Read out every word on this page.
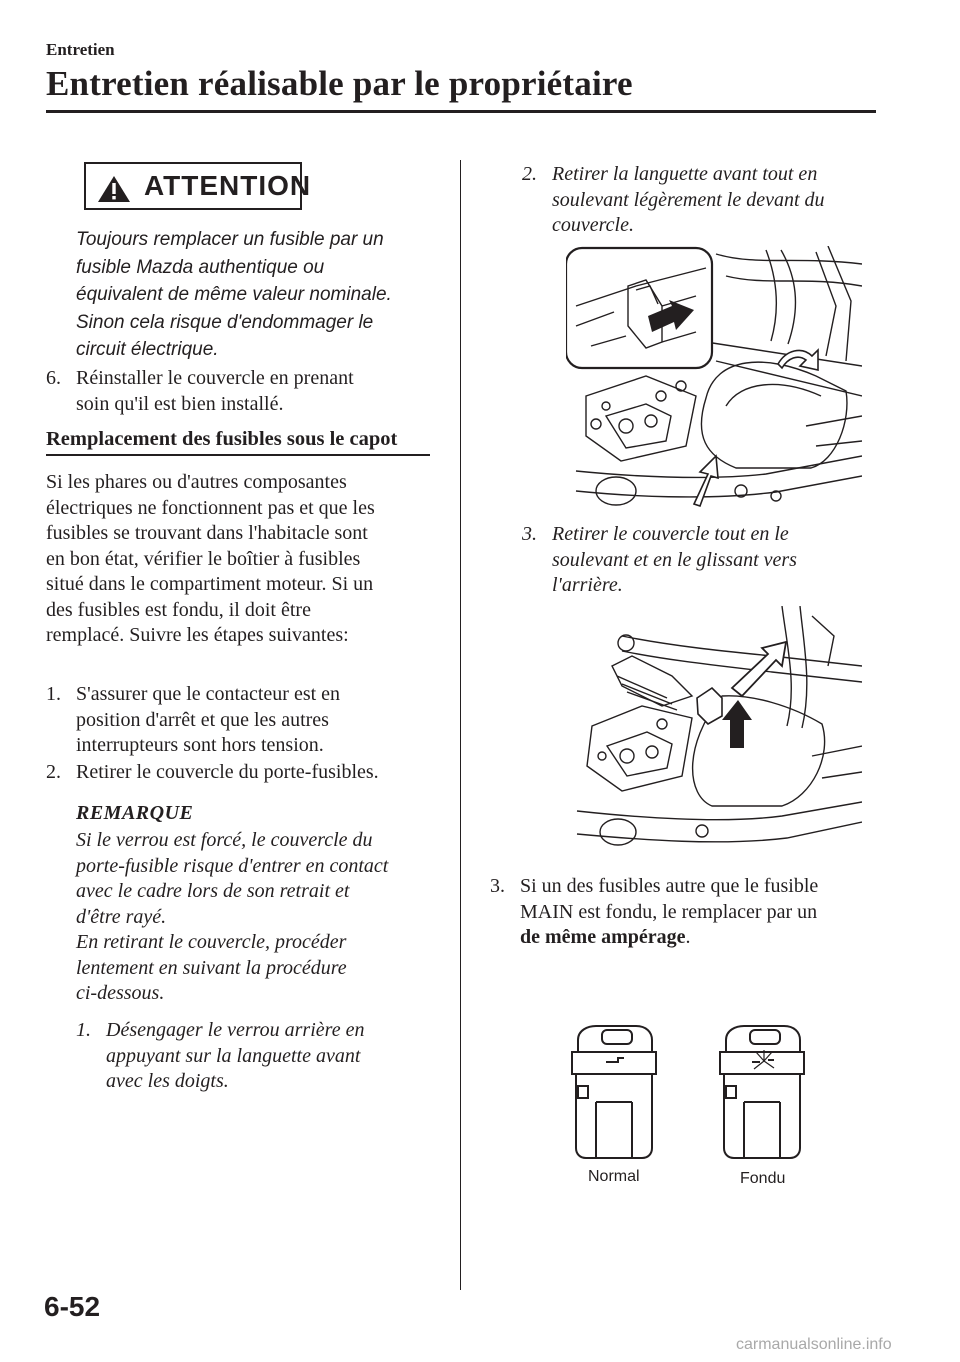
Entretien
Entretien réalisable par le propriétaire
ATTENTION
Toujours remplacer un fusible par un
fusible Mazda authentique ou
équivalent de même valeur nominale.
Sinon cela risque d'endommager le
circuit électrique.
6. Réinstaller le couvercle en prenant
soin qu'il est bien installé.
Remplacement des fusibles sous le capot
Si les phares ou d'autres composantes
électriques ne fonctionnent pas et que les
fusibles se trouvant dans l'habitacle sont
en bon état, vérifier le boîtier à fusibles
situé dans le compartiment moteur. Si un
des fusibles est fondu, il doit être
remplacé. Suivre les étapes suivantes:
1. S'assurer que le contacteur est en
position d'arrêt et que les autres
interrupteurs sont hors tension.
2. Retirer le couvercle du porte-fusibles.
REMARQUE
Si le verrou est forcé, le couvercle du
porte-fusible risque d'entrer en contact
avec le cadre lors de son retrait et
d'être rayé.
En retirant le couvercle, procéder
lentement en suivant la procédure
ci-dessous.
1. Désengager le verrou arrière en
appuyant sur la languette avant
avec les doigts.
2. Retirer la languette avant tout en
soulevant légèrement le devant du
couvercle.
3. Retirer le couvercle tout en le
soulevant et en le glissant vers
l'arrière.
3. Si un des fusibles autre que le fusible
MAIN est fondu, le remplacer par un
de même ampérage.
Normal	Fondu
6-52
carmanualsonline.info
